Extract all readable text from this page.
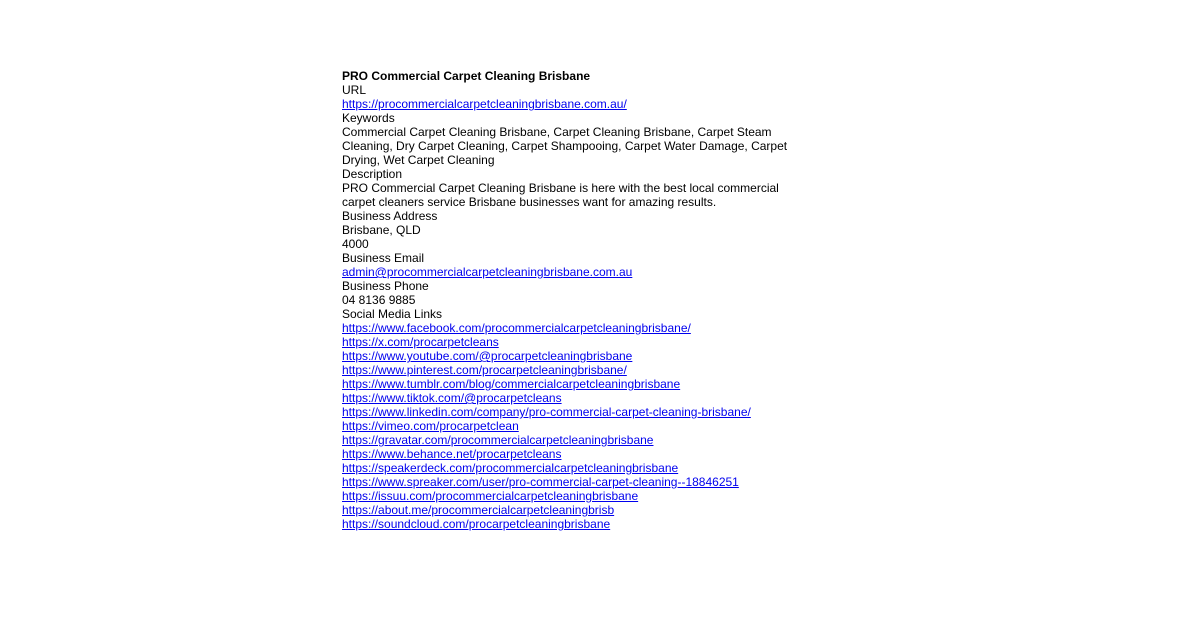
PRO Commercial Carpet Cleaning Brisbane
URL
https://procommercialcarpetcleaningbrisbane.com.au/
Keywords
Commercial Carpet Cleaning Brisbane, Carpet Cleaning Brisbane, Carpet Steam Cleaning, Dry Carpet Cleaning, Carpet Shampooing, Carpet Water Damage, Carpet Drying, Wet Carpet Cleaning
Description
PRO Commercial Carpet Cleaning Brisbane is here with the best local commercial carpet cleaners service Brisbane businesses want for amazing results.
Business Address
Brisbane, QLD
4000
Business Email
admin@procommercialcarpetcleaningbrisbane.com.au
Business Phone
04 8136 9885
Social Media Links
https://www.facebook.com/procommercialcarpetcleaningbrisbane/
https://x.com/procarpetcleans
https://www.youtube.com/@procarpetcleaningbrisbane
https://www.pinterest.com/procarpetcleaningbrisbane/
https://www.tumblr.com/blog/commercialcarpetcleaningbrisbane
https://www.tiktok.com/@procarpetcleans
https://www.linkedin.com/company/pro-commercial-carpet-cleaning-brisbane/
https://vimeo.com/procarpetclean
https://gravatar.com/procommercialcarpetcleaningbrisbane
https://www.behance.net/procarpetcleans
https://speakerdeck.com/procommercialcarpetcleaningbrisbane
https://www.spreaker.com/user/pro-commercial-carpet-cleaning--18846251
https://issuu.com/procommercialcarpetcleaningbrisbane
https://about.me/procommercialcarpetcleaningbrisb
https://soundcloud.com/procarpetcleaningbrisbane
